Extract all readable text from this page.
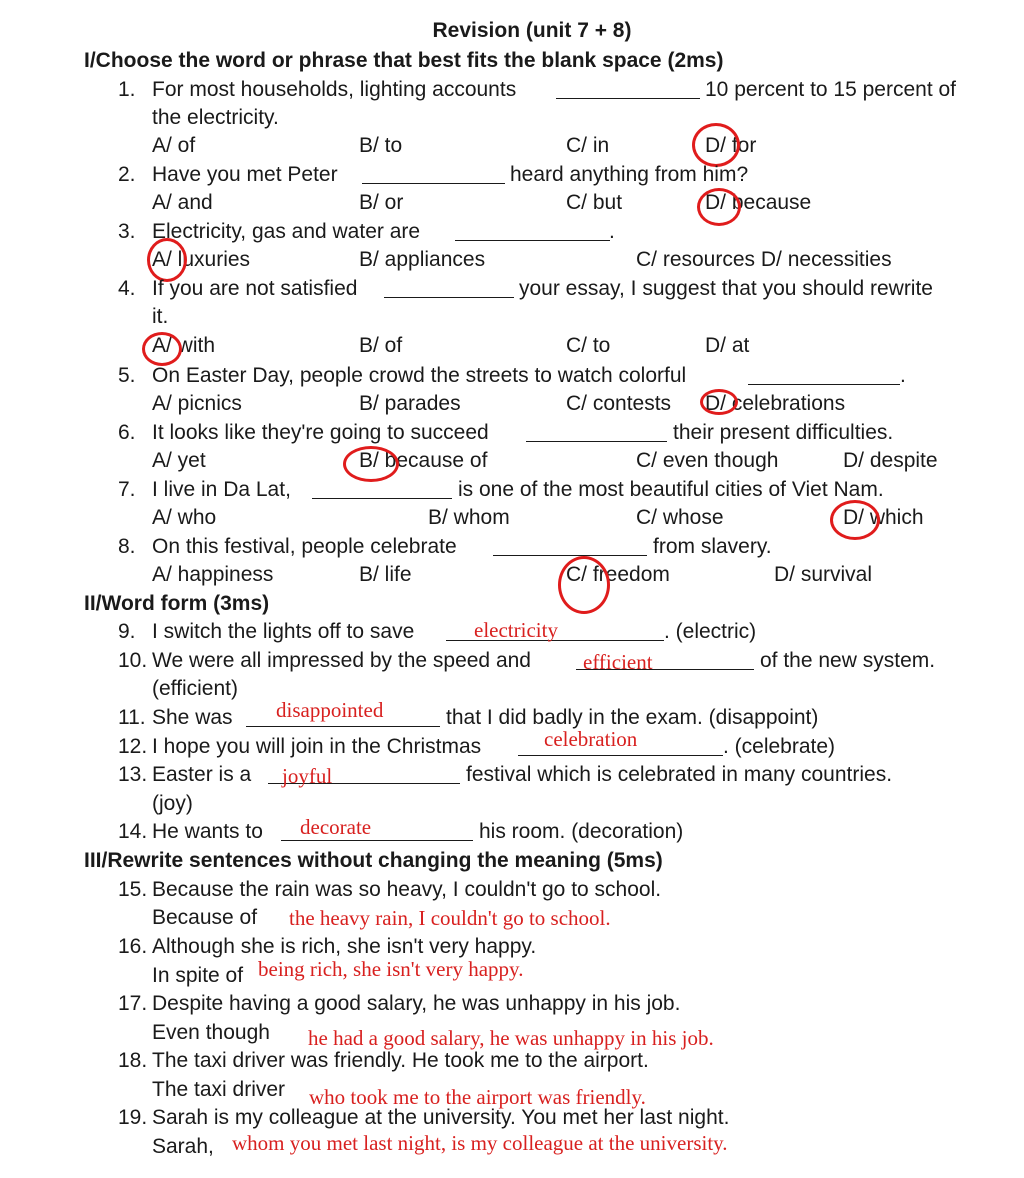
Revision (unit 7 + 8)
I/Choose the word or phrase that best fits the blank space (2ms)
1. For most households, lighting accounts	10 percent to 15 percent of
the electricity.
A/ of	B/ to	C/ in	D/ for
2. Have you met Peter	heard anything from him?
A/ and	B/ or	C/ but	D/ because
3. Electricity, gas and water are	.
A/ luxuries	B/ appliances	C/ resources D/ necessities
4. If you are not satisfied	your essay, I suggest that you should rewrite
it.
A/ with	B/ of	C/ to	D/ at
5. On Easter Day, people crowd the streets to watch colorful	.
A/ picnics	B/ parades	C/ contests D/ celebrations
6. It looks like they're going to succeed	their present difficulties.
A/ yet	B/ because of	C/ even though	D/ despite
7. I live in Da Lat,	is one of the most beautiful cities of Viet Nam.
A/ who	B/ whom	C/ whose	D/ which
8. On this festival, people celebrate	from slavery.
A/ happiness	B/ life	C/ freedom	D/ survival
II/Word form (3ms)
9. I switch the lights off to save	electricity	. (electric)
10. We were all impressed by the speed and efficient	of the new system.
(efficient)
11. She was disappointed	that I did badly in the exam. (disappoint)
12. I hope you will join in the Christmas	celebration	. (celebrate)
13. Easter is a joyful	festival which is celebrated in many countries.
(joy)
14. He wants to decorate	his room. (decoration)
III/Rewrite sentences without changing the meaning (5ms)
15. Because the rain was so heavy, I couldn't go to school.
Because of the heavy rain, I couldn't go to school.
16. Although she is rich, she isn't very happy.
In spite of being rich, she isn't very happy.
17. Despite having a good salary, he was unhappy in his job.
Even though he had a good salary, he was unhappy in his job.
18. The taxi driver was friendly. He took me to the airport.
The taxi driver who took me to the airport was friendly.
19. Sarah is my colleague at the university. You met her last night.
Sarah, whom you met last night, is my colleague at the university.
